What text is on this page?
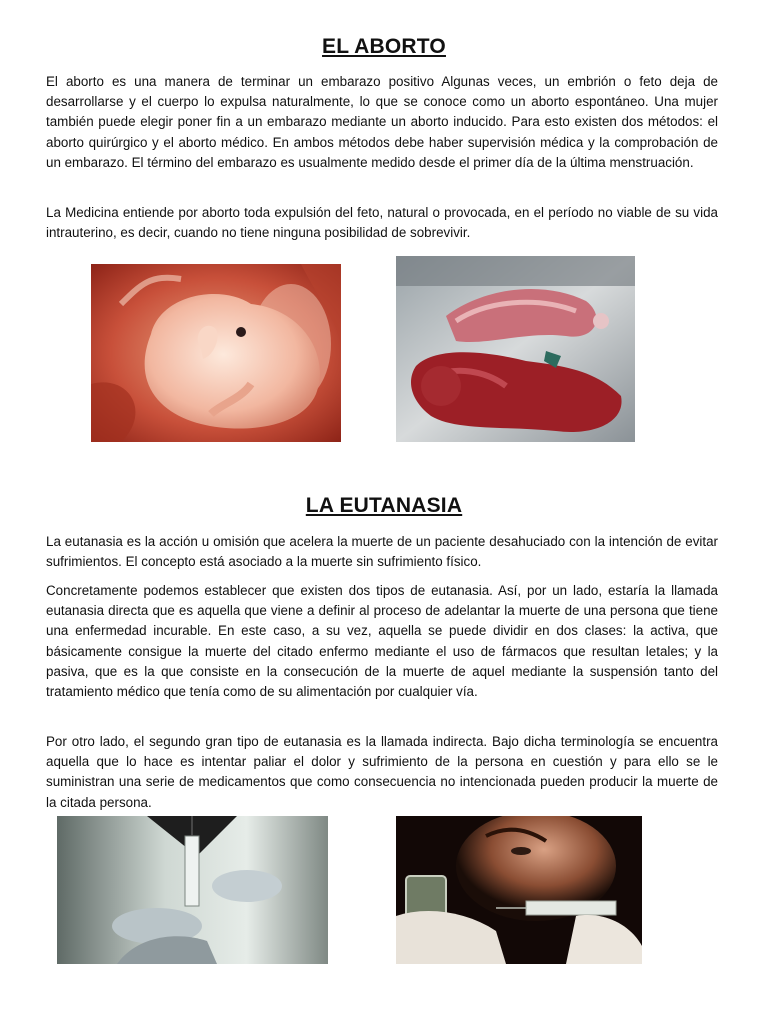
EL ABORTO

El aborto es una manera de terminar un embarazo positivo Algunas veces, un embrión o feto deja de desarrollarse y el cuerpo lo expulsa naturalmente, lo que se conoce como un aborto espontáneo. Una mujer también puede elegir poner fin a un embarazo mediante un aborto inducido. Para esto existen dos métodos: el aborto quirúrgico y el aborto médico. En ambos métodos debe haber supervisión médica y la comprobación de un embarazo. El término del embarazo es usualmente medido desde el primer día de la última menstruación.

La Medicina entiende por aborto toda expulsión del feto, natural o provocada, en el período no viable de su vida intrauterino, es decir, cuando no tiene ninguna posibilidad de sobrevivir.

LA EUTANASIA

La eutanasia es la acción u omisión que acelera la muerte de un paciente desahuciado con la intención de evitar sufrimientos. El concepto está asociado a la muerte sin sufrimiento físico.

Concretamente podemos establecer que existen dos tipos de eutanasia. Así, por un lado, estaría la llamada eutanasia directa que es aquella que viene a definir al proceso de adelantar la muerte de una persona que tiene una enfermedad incurable. En este caso, a su vez, aquella se puede dividir en dos clases: la activa, que básicamente consigue la muerte del citado enfermo mediante el uso de fármacos que resultan letales; y la pasiva, que es la que consiste en la consecución de la muerte de aquel mediante la suspensión tanto del tratamiento médico que tenía como de su alimentación por cualquier vía.

Por otro lado, el segundo gran tipo de eutanasia es la llamada indirecta. Bajo dicha terminología se encuentra aquella que lo hace es intentar paliar el dolor y sufrimiento de la persona en cuestión y para ello se le suministran una serie de medicamentos que como consecuencia no intencionada pueden producir la muerte de la citada persona.
